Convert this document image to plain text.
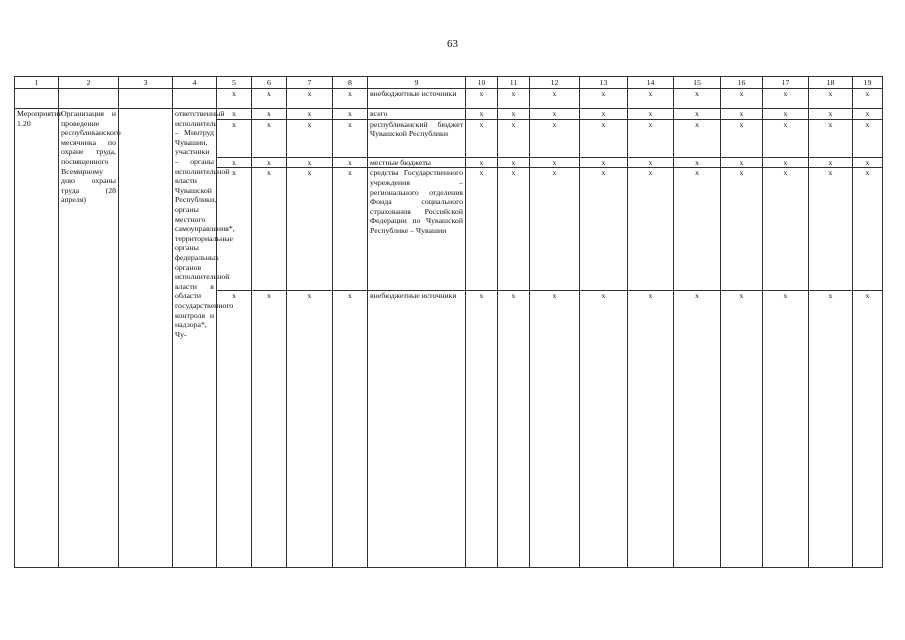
63
1	2	3	4	5	6	7	8	9	10	11	12	13	14	15	16	17	18	19
				x	x	x	x	внебюджетные источники	x	x	x	x	x	x	x	x	x	x
Мероприятие 1.20	Организация и проведение республиканского месячника по охране труда, посвященного Всемирному дню охраны труда (28 апреля)		ответственный исполнитель – Минтруд Чувашии, участники – органы исполнительной власти Чувашской Республики, органы местного самоуправления*, территориальные органы федеральных органов исполнительной власти в области государственного контроля и надзора*, Чу-	x	x	x	x	всего	x	x	x	x	x	x	x	x	x	x
				x	x	x	x	республиканский бюджет Чувашской Республики	x	x	x	x	x	x	x	x	x	x
				x	x	x	x	местные бюджеты	x	x	x	x	x	x	x	x	x	x
				x	x	x	x	средства Государственного учреждения – регионального отделения Фонда социального страхования Российской Федерации по Чувашской Республике – Чувашии	x	x	x	x	x	x	x	x	x	x
				x	x	x	x	внебюджетные источники	x	x	x	x	x	x	x	x	x	x
